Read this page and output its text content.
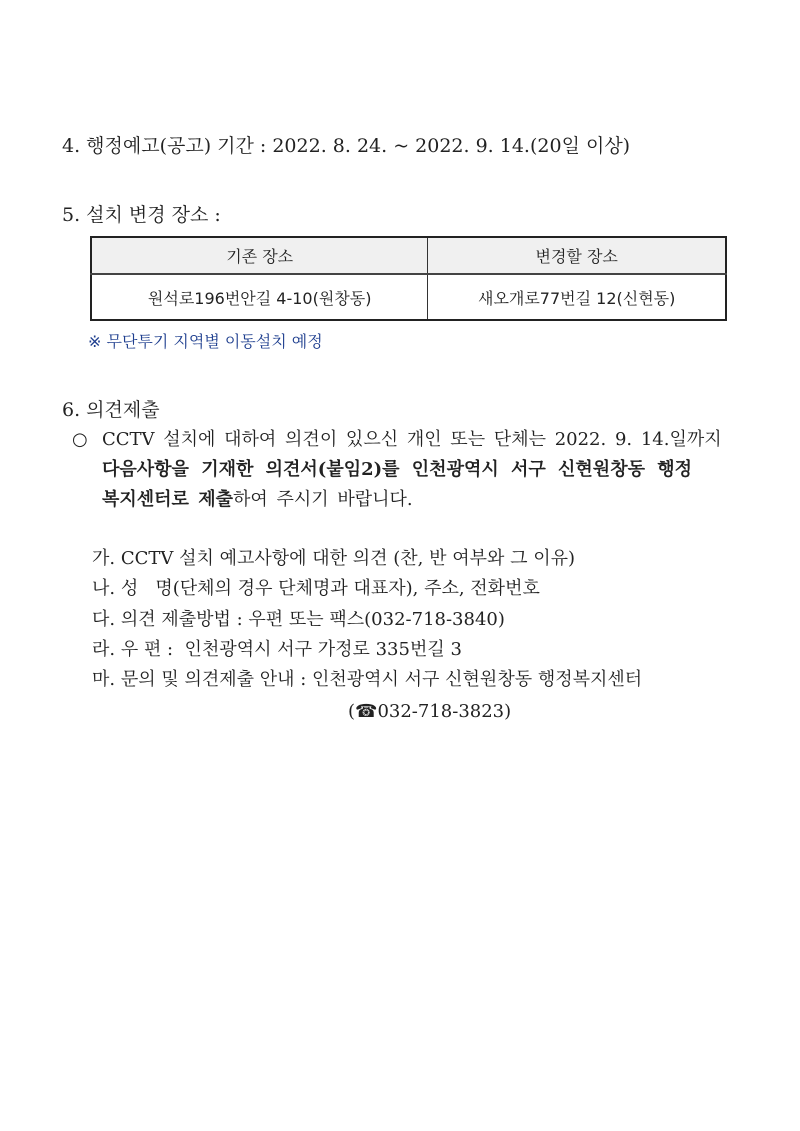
4. 행정예고(공고) 기간 : 2022. 8. 24. ~ 2022. 9. 14.(20일 이상)
5. 설치 변경 장소 :
기존 장소	변경할 장소
원석로196번안길 4-10(원창동)	새오개로77번길 12(신현동)
※ 무단투기 지역별 이동설치 예정
6. 의견제출
○ CCTV 설치에 대하여 의견이 있으신 개인 또는 단체는 2022. 9. 14.일까지
다음사항을 기재한 의견서(붙임2)를 인천광역시 서구 신현원창동 행정
복지센터로 제출하여 주시기 바랍니다.
가. CCTV 설치 예고사항에 대한 의견 (찬, 반 여부와 그 이유)
나. 성   명(단체의 경우 단체명과 대표자), 주소, 전화번호
다. 의견 제출방법 : 우편 또는 팩스(032-718-3840)
라. 우 편 :  인천광역시 서구 가정로 335번길 3
마. 문의 및 의견제출 안내 : 인천광역시 서구 신현원창동 행정복지센터
(☎032-718-3823)
